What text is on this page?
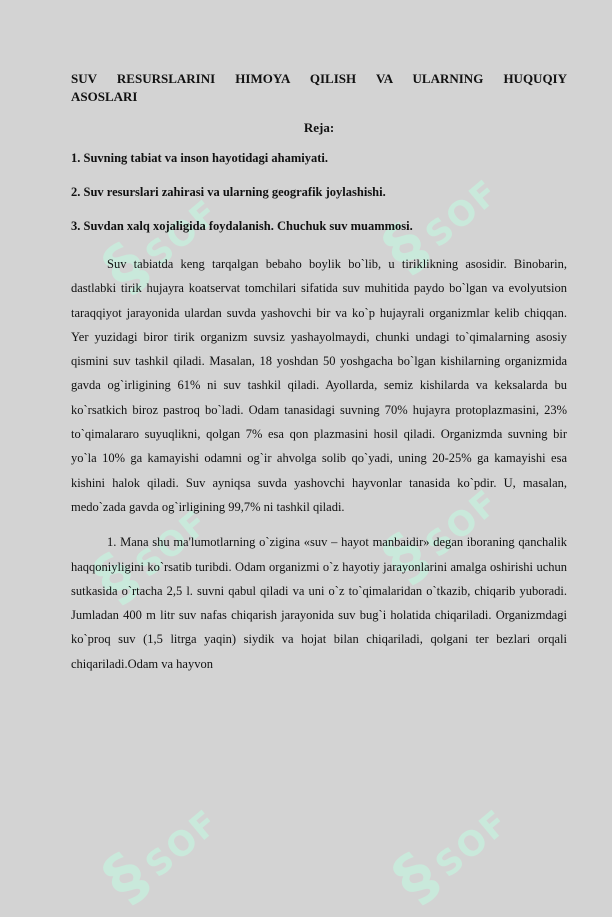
§SOF §SOF
§SOF §SOF
§SOF §SOF
SUV RESURSLARINI HIMOYA QILISH VA ULARNING HUQUQIY ASOSLARI
Reja:
1. Suvning tabiat va inson hayotidagi ahamiyati.
2. Suv resurslari zahirasi va ularning geografik joylashishi.
3. Suvdan xalq xojaligida foydalanish. Chuchuk suv muammosi.

Suv tabiatda keng tarqalgan bebaho boylik bo`lib, u tiriklikning asosidir. Binobarin, dastlabki tirik hujayra koatservat tomchilari sifatida suv muhitida paydo bo`lgan va evolyutsion taraqqiyot jarayonida ulardan suvda yashovchi bir va ko`p hujayrali organizmlar kelib chiqqan. Yer yuzidagi biror tirik organizm suvsiz yashayolmaydi, chunki undagi to`qimalarning asosiy qismini suv tashkil qiladi. Masalan, 18 yoshdan 50 yoshgacha bo`lgan kishilarning organizmida gavda og`irligining 61% ni suv tashkil qiladi. Ayollarda, semiz kishilarda va keksalarda bu ko`rsatkich biroz pastroq bo`ladi. Odam tanasidagi suvning 70% hujayra protoplazmasini, 23% to`qimalararo suyuqlikni, qolgan 7% esa qon plazmasini hosil qiladi. Organizmda suvning bir yo`la 10% ga kamayishi odamni og`ir ahvolga solib qo`yadi, uning 20-25% ga kamayishi esa kishini halok qiladi. Suv ayniqsa suvda yashovchi hayvonlar tanasida ko`pdir. U, masalan, medo`zada gavda og`irligining 99,7% ni tashkil qiladi.

1. Mana shu ma'lumotlarning o`zigina «suv – hayot manbaidir» degan iboraning qanchalik haqqoniyligini ko`rsatib turibdi. Odam organizmi o`z hayotiy jarayonlarini amalga oshirishi uchun sutkasida o`rtacha 2,5 l. suvni qabul qiladi va uni o`z to`qimalaridan o`tkazib, chiqarib yuboradi. Jumladan 400 m litr suv nafas chiqarish jarayonida suv bug`i holatida chiqariladi. Organizmdagi ko`proq suv (1,5 litrga yaqin) siydik va hojat bilan chiqariladi, qolgani ter bezlari orqali chiqariladi.Odam va hayvon
